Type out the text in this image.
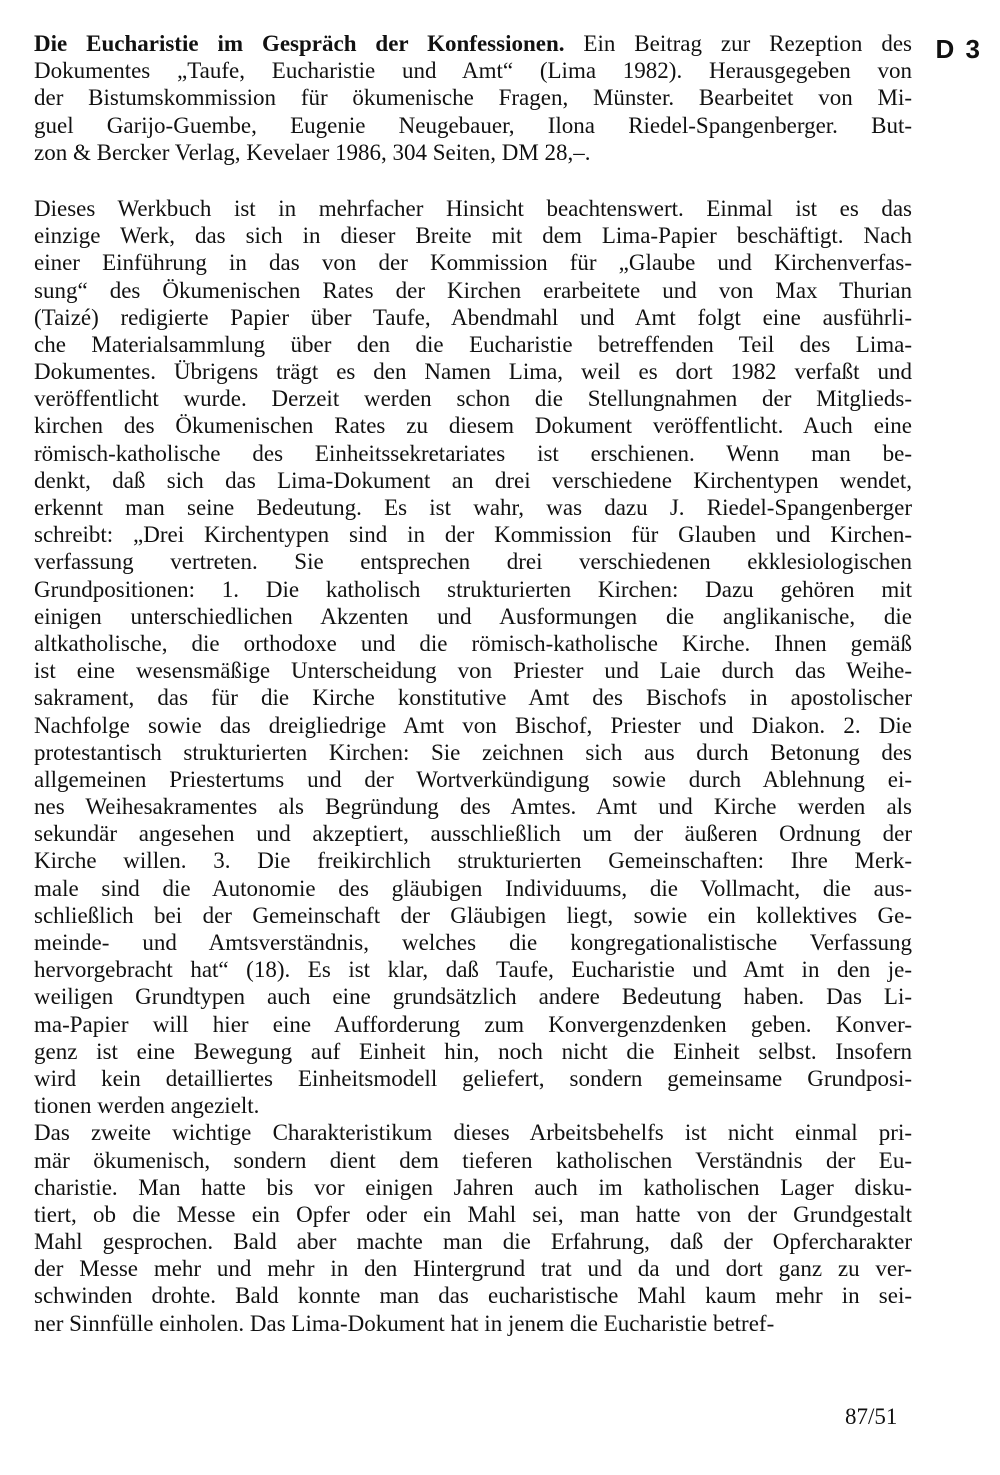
D 3
Die Eucharistie im Gespräch der Konfessionen. Ein Beitrag zur Rezeption des
Dokumentes „Taufe, Eucharistie und Amt“ (Lima 1982). Herausgegeben von
der Bistumskommission für ökumenische Fragen, Münster. Bearbeitet von Mi-
guel Garijo-Guembe, Eugenie Neugebauer, Ilona Riedel-Spangenberger. But-
zon & Bercker Verlag, Kevelaer 1986, 304 Seiten, DM 28,–.
Dieses Werkbuch ist in mehrfacher Hinsicht beachtenswert. Einmal ist es das
einzige Werk, das sich in dieser Breite mit dem Lima-Papier beschäftigt. Nach
einer Einführung in das von der Kommission für „Glaube und Kirchenverfas-
sung“ des Ökumenischen Rates der Kirchen erarbeitete und von Max Thurian
(Taizé) redigierte Papier über Taufe, Abendmahl und Amt folgt eine ausführli-
che Materialsammlung über den die Eucharistie betreffenden Teil des Lima-
Dokumentes. Übrigens trägt es den Namen Lima, weil es dort 1982 verfaßt und
veröffentlicht wurde. Derzeit werden schon die Stellungnahmen der Mitglieds-
kirchen des Ökumenischen Rates zu diesem Dokument veröffentlicht. Auch eine
römisch-katholische des Einheitssekretariates ist erschienen. Wenn man be-
denkt, daß sich das Lima-Dokument an drei verschiedene Kirchentypen wendet,
erkennt man seine Bedeutung. Es ist wahr, was dazu J. Riedel-Spangenberger
schreibt: „Drei Kirchentypen sind in der Kommission für Glauben und Kirchen-
verfassung vertreten. Sie entsprechen drei verschiedenen ekklesiologischen
Grundpositionen: 1. Die katholisch strukturierten Kirchen: Dazu gehören mit
einigen unterschiedlichen Akzenten und Ausformungen die anglikanische, die
altkatholische, die orthodoxe und die römisch-katholische Kirche. Ihnen gemäß
ist eine wesensmäßige Unterscheidung von Priester und Laie durch das Weihe-
sakrament, das für die Kirche konstitutive Amt des Bischofs in apostolischer
Nachfolge sowie das dreigliedrige Amt von Bischof, Priester und Diakon. 2. Die
protestantisch strukturierten Kirchen: Sie zeichnen sich aus durch Betonung des
allgemeinen Priestertums und der Wortverkündigung sowie durch Ablehnung ei-
nes Weihesakramentes als Begründung des Amtes. Amt und Kirche werden als
sekundär angesehen und akzeptiert, ausschließlich um der äußeren Ordnung der
Kirche willen. 3. Die freikirchlich strukturierten Gemeinschaften: Ihre Merk-
male sind die Autonomie des gläubigen Individuums, die Vollmacht, die aus-
schließlich bei der Gemeinschaft der Gläubigen liegt, sowie ein kollektives Ge-
meinde- und Amtsverständnis, welches die kongregationalistische Verfassung
hervorgebracht hat“ (18). Es ist klar, daß Taufe, Eucharistie und Amt in den je-
weiligen Grundtypen auch eine grundsätzlich andere Bedeutung haben. Das Li-
ma-Papier will hier eine Aufforderung zum Konvergenzdenken geben. Konver-
genz ist eine Bewegung auf Einheit hin, noch nicht die Einheit selbst. Insofern
wird kein detailliertes Einheitsmodell geliefert, sondern gemeinsame Grundposi-
tionen werden angezielt.
Das zweite wichtige Charakteristikum dieses Arbeitsbehelfs ist nicht einmal pri-
mär ökumenisch, sondern dient dem tieferen katholischen Verständnis der Eu-
charistie. Man hatte bis vor einigen Jahren auch im katholischen Lager disku-
tiert, ob die Messe ein Opfer oder ein Mahl sei, man hatte von der Grundgestalt
Mahl gesprochen. Bald aber machte man die Erfahrung, daß der Opfercharakter
der Messe mehr und mehr in den Hintergrund trat und da und dort ganz zu ver-
schwinden drohte. Bald konnte man das eucharistische Mahl kaum mehr in sei-
ner Sinnfülle einholen. Das Lima-Dokument hat in jenem die Eucharistie betref-
87/51
